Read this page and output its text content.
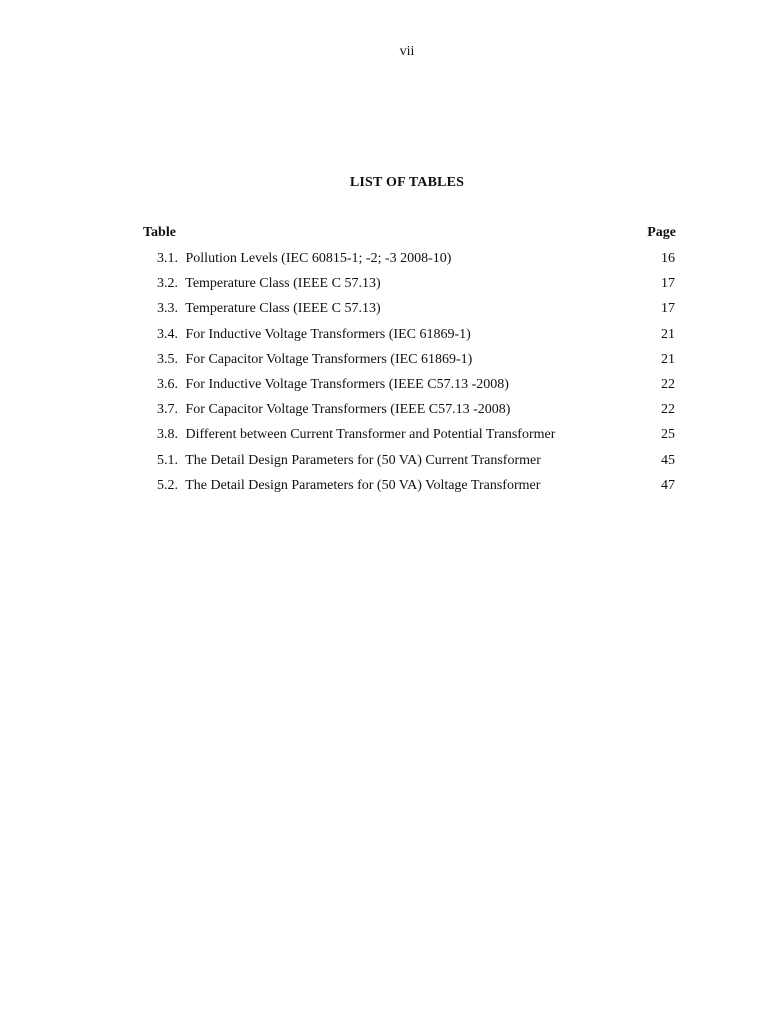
vii
LIST OF TABLES
Table	Page
3.1. Pollution Levels (IEC 60815-1; -2; -3 2008-10)	16
3.2. Temperature Class (IEEE C 57.13)	17
3.3. Temperature Class (IEEE C 57.13)	17
3.4. For Inductive Voltage Transformers (IEC 61869-1)	21
3.5. For Capacitor Voltage Transformers (IEC 61869-1)	21
3.6. For Inductive Voltage Transformers (IEEE C57.13 -2008)	22
3.7. For Capacitor Voltage Transformers (IEEE C57.13 -2008)	22
3.8. Different between Current Transformer and Potential Transformer	25
5.1. The Detail Design Parameters for (50 VA) Current Transformer	45
5.2. The Detail Design Parameters for (50 VA) Voltage Transformer	47
